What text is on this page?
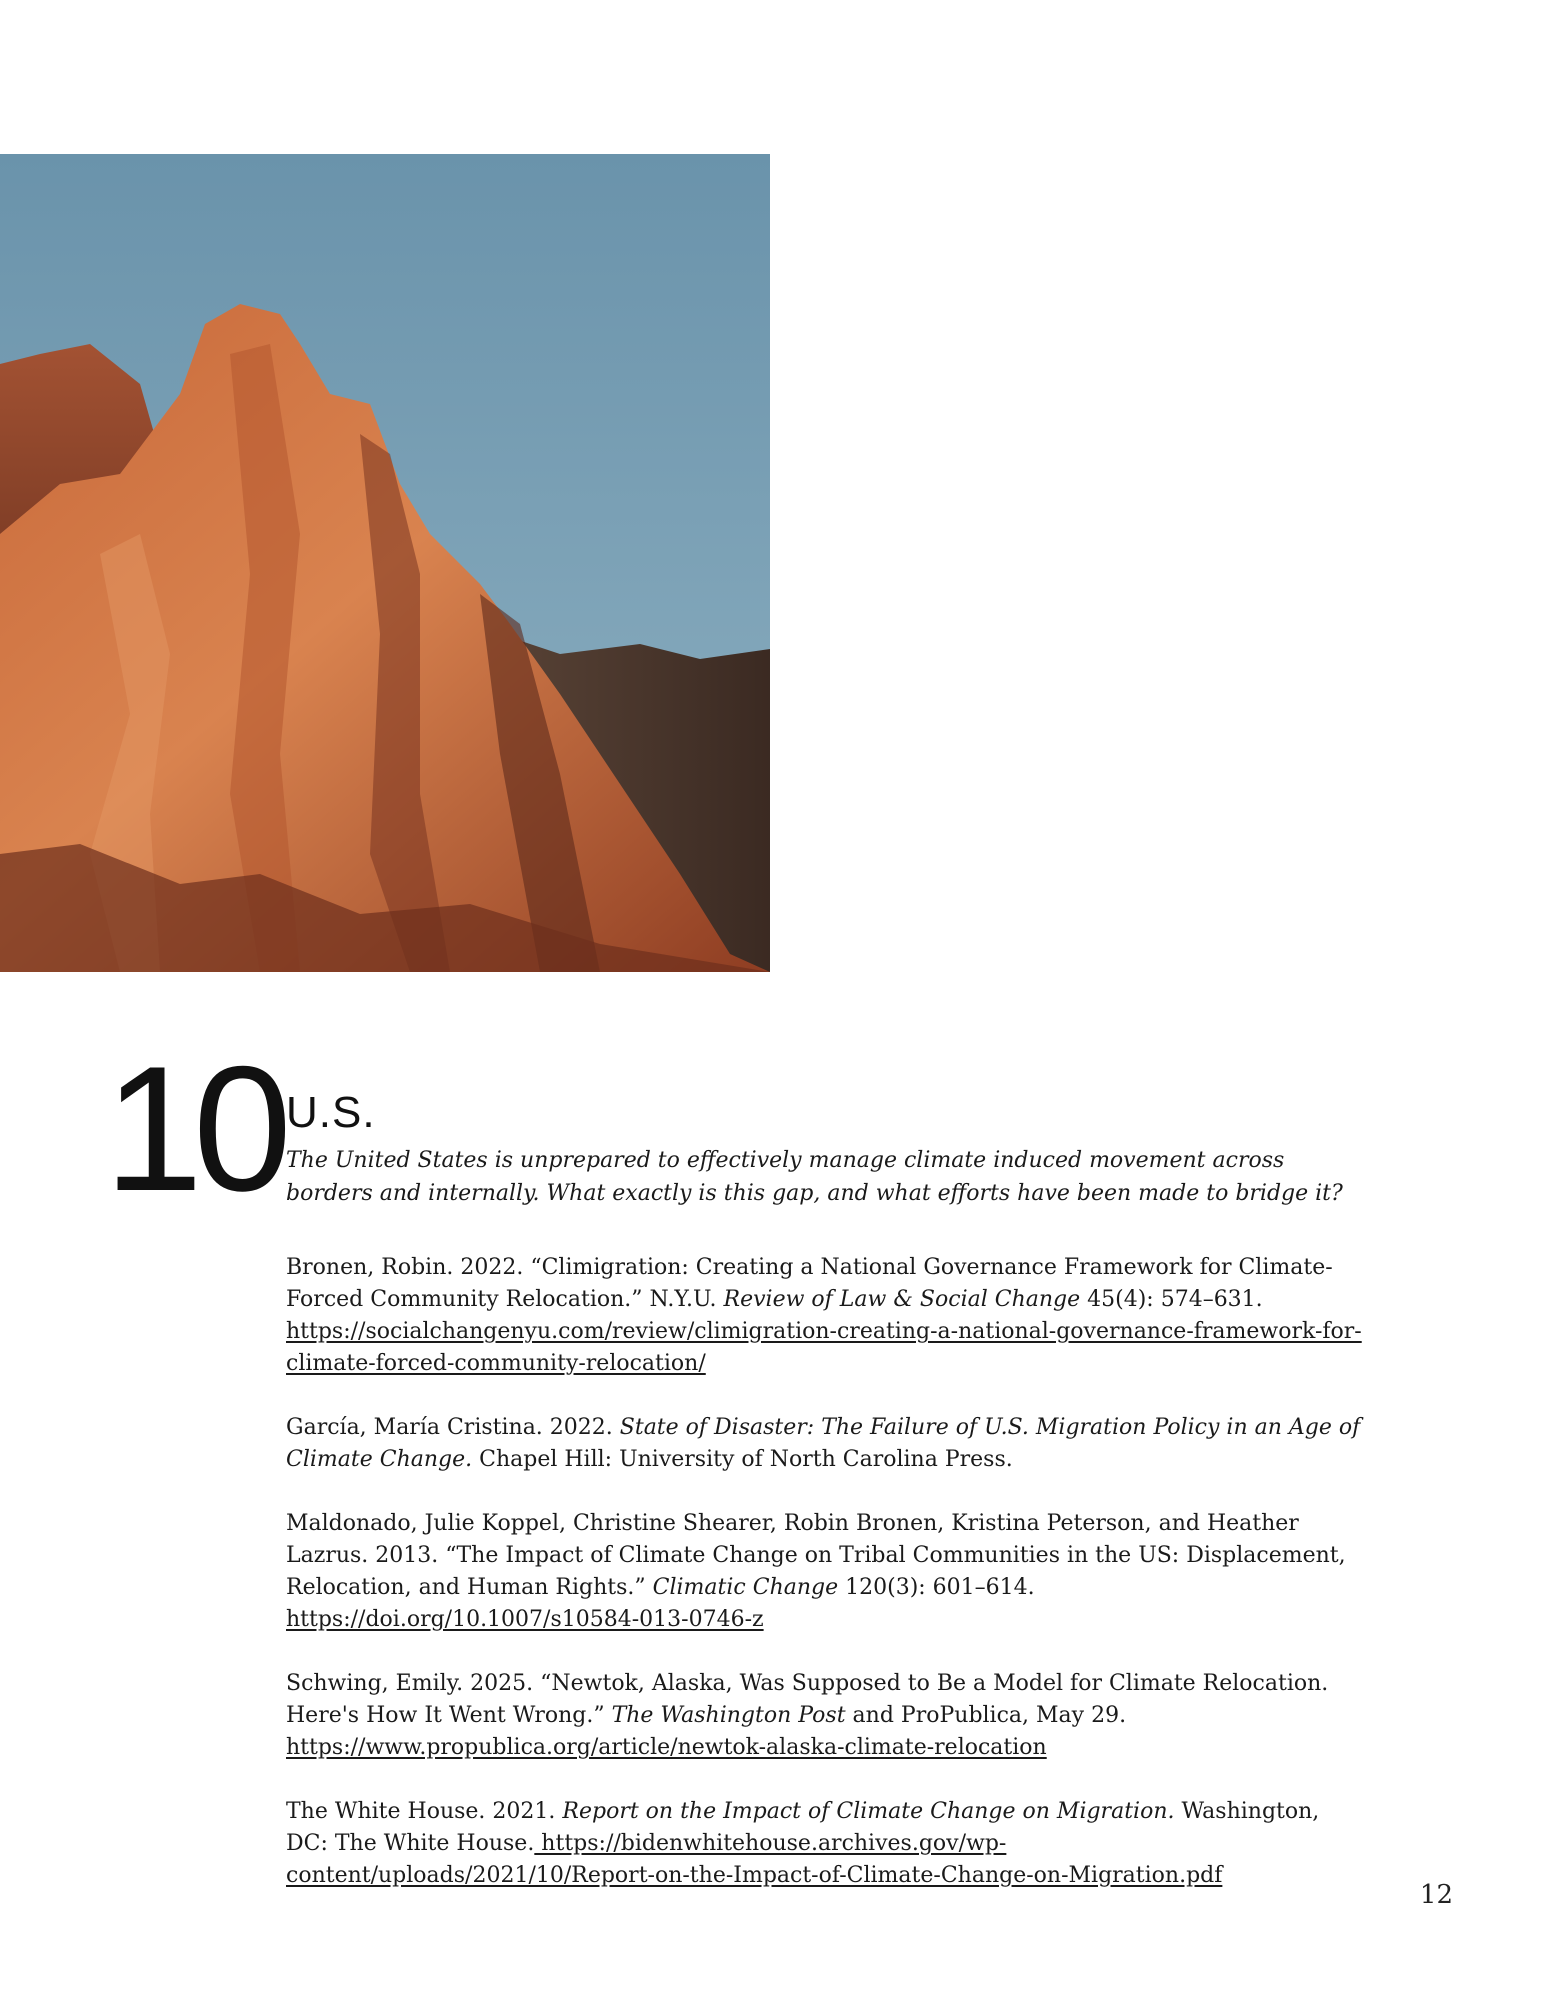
10 U.S.

The United States is unprepared to effectively manage climate induced movement across borders and internally. What exactly is this gap, and what efforts have been made to bridge it?

Bronen, Robin. 2022. “Climigration: Creating a National Governance Framework for Climate-Forced Community Relocation.” N.Y.U. Review of Law & Social Change 45(4): 574–631.
https://socialchangenyu.com/review/climigration-creating-a-national-governance-framework-for-climate-forced-community-relocation/

García, María Cristina. 2022. State of Disaster: The Failure of U.S. Migration Policy in an Age of Climate Change. Chapel Hill: University of North Carolina Press.

Maldonado, Julie Koppel, Christine Shearer, Robin Bronen, Kristina Peterson, and Heather Lazrus. 2013. “The Impact of Climate Change on Tribal Communities in the US: Displacement, Relocation, and Human Rights.” Climatic Change 120(3): 601–614. https://doi.org/10.1007/s10584-013-0746-z

Schwing, Emily. 2025. “Newtok, Alaska, Was Supposed to Be a Model for Climate Relocation. Here's How It Went Wrong.” The Washington Post and ProPublica, May 29. https://www.propublica.org/article/newtok-alaska-climate-relocation

The White House. 2021. Report on the Impact of Climate Change on Migration. Washington, DC: The White House. https://bidenwhitehouse.archives.gov/wp-content/uploads/2021/10/Report-on-the-Impact-of-Climate-Change-on-Migration.pdf

12
